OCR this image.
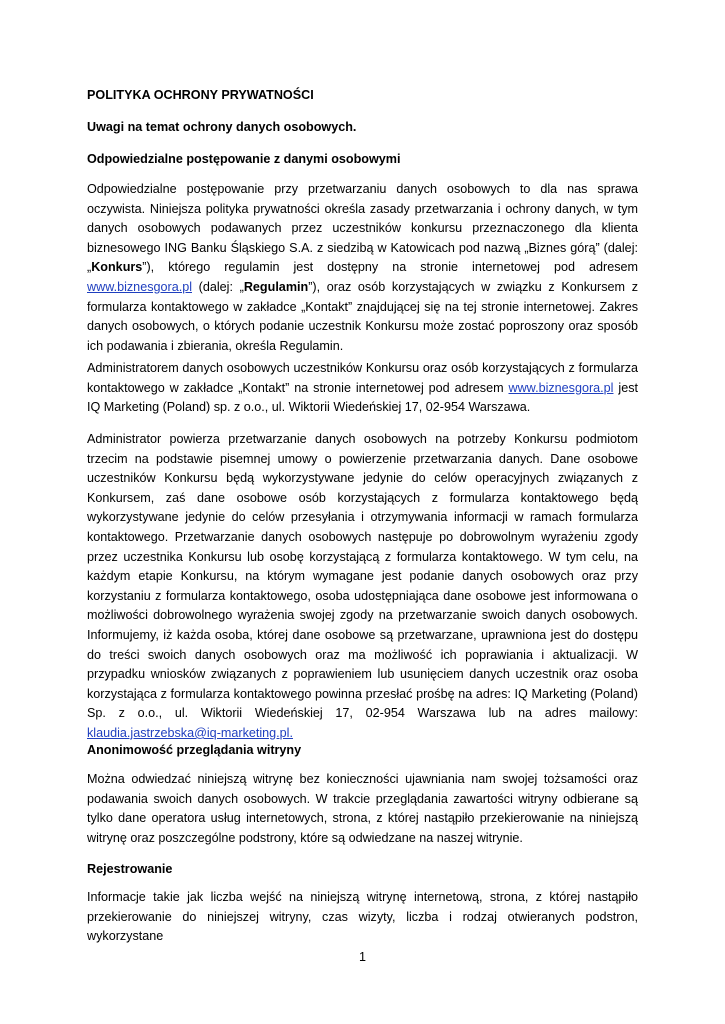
POLITYKA OCHRONY PRYWATNOŚCI
Uwagi na temat ochrony danych osobowych.
Odpowiedzialne postępowanie z danymi osobowymi
Odpowiedzialne postępowanie przy przetwarzaniu danych osobowych to dla nas sprawa oczywista. Niniejsza polityka prywatności określa zasady przetwarzania i ochrony danych, w tym danych osobowych podawanych przez uczestników konkursu przeznaczonego dla klienta biznesowego ING Banku Śląskiego S.A. z siedzibą w Katowicach pod nazwą „Biznes górą” (dalej: „Konkurs”), którego regulamin jest dostępny na stronie internetowej pod adresem www.biznesgora.pl (dalej: „Regulamin”), oraz osób korzystających w związku z Konkursem z formularza kontaktowego w zakładce „Kontakt” znajdującej się na tej stronie internetowej. Zakres danych osobowych, o których podanie uczestnik Konkursu może zostać poproszony oraz sposób ich podawania i zbierania, określa Regulamin.
Administratorem danych osobowych uczestników Konkursu oraz osób korzystających z formularza kontaktowego w zakładce „Kontakt” na stronie internetowej pod adresem www.biznesgora.pl jest IQ Marketing (Poland) sp. z o.o., ul. Wiktorii Wiedeńskiej 17, 02-954 Warszawa.
Administrator powierza przetwarzanie danych osobowych na potrzeby Konkursu podmiotom trzecim na podstawie pisemnej umowy o powierzenie przetwarzania danych. Dane osobowe uczestników Konkursu będą wykorzystywane jedynie do celów operacyjnych związanych z Konkursem, zaś dane osobowe osób korzystających z formularza kontaktowego będą wykorzystywane jedynie do celów przesyłania i otrzymywania informacji w ramach formularza kontaktowego. Przetwarzanie danych osobowych następuje po dobrowolnym wyrażeniu zgody przez uczestnika Konkursu lub osobę korzystającą z formularza kontaktowego. W tym celu, na każdym etapie Konkursu, na którym wymagane jest podanie danych osobowych oraz przy korzystaniu z formularza kontaktowego, osoba udostępniająca dane osobowe jest informowana o możliwości dobrowolnego wyrażenia swojej zgody na przetwarzanie swoich danych osobowych. Informujemy, iż każda osoba, której dane osobowe są przetwarzane, uprawniona jest do dostępu do treści swoich danych osobowych oraz ma możliwość ich poprawiania i aktualizacji. W przypadku wniosków związanych z poprawieniem lub usunięciem danych uczestnik oraz osoba korzystająca z formularza kontaktowego powinna przesłać prośbę na adres: IQ Marketing (Poland) Sp. z o.o., ul. Wiktorii Wiedeńskiej 17, 02-954 Warszawa lub na adres mailowy: klaudia.jastrzebska@iq-marketing.pl.
Anonimowość przeglądania witryny
Można odwiedzać niniejszą witrynę bez konieczności ujawniania nam swojej tożsamości oraz podawania swoich danych osobowych. W trakcie przeglądania zawartości witryny odbierane są tylko dane operatora usług internetowych, strona, z której nastąpiło przekierowanie na niniejszą witrynę oraz poszczególne podstrony, które są odwiedzane na naszej witrynie.
Rejestrowanie
Informacje takie jak liczba wejść na niniejszą witrynę internetową, strona, z której nastąpiło przekierowanie do niniejszej witryny, czas wizyty, liczba i rodzaj otwieranych podstron, wykorzystane
1
